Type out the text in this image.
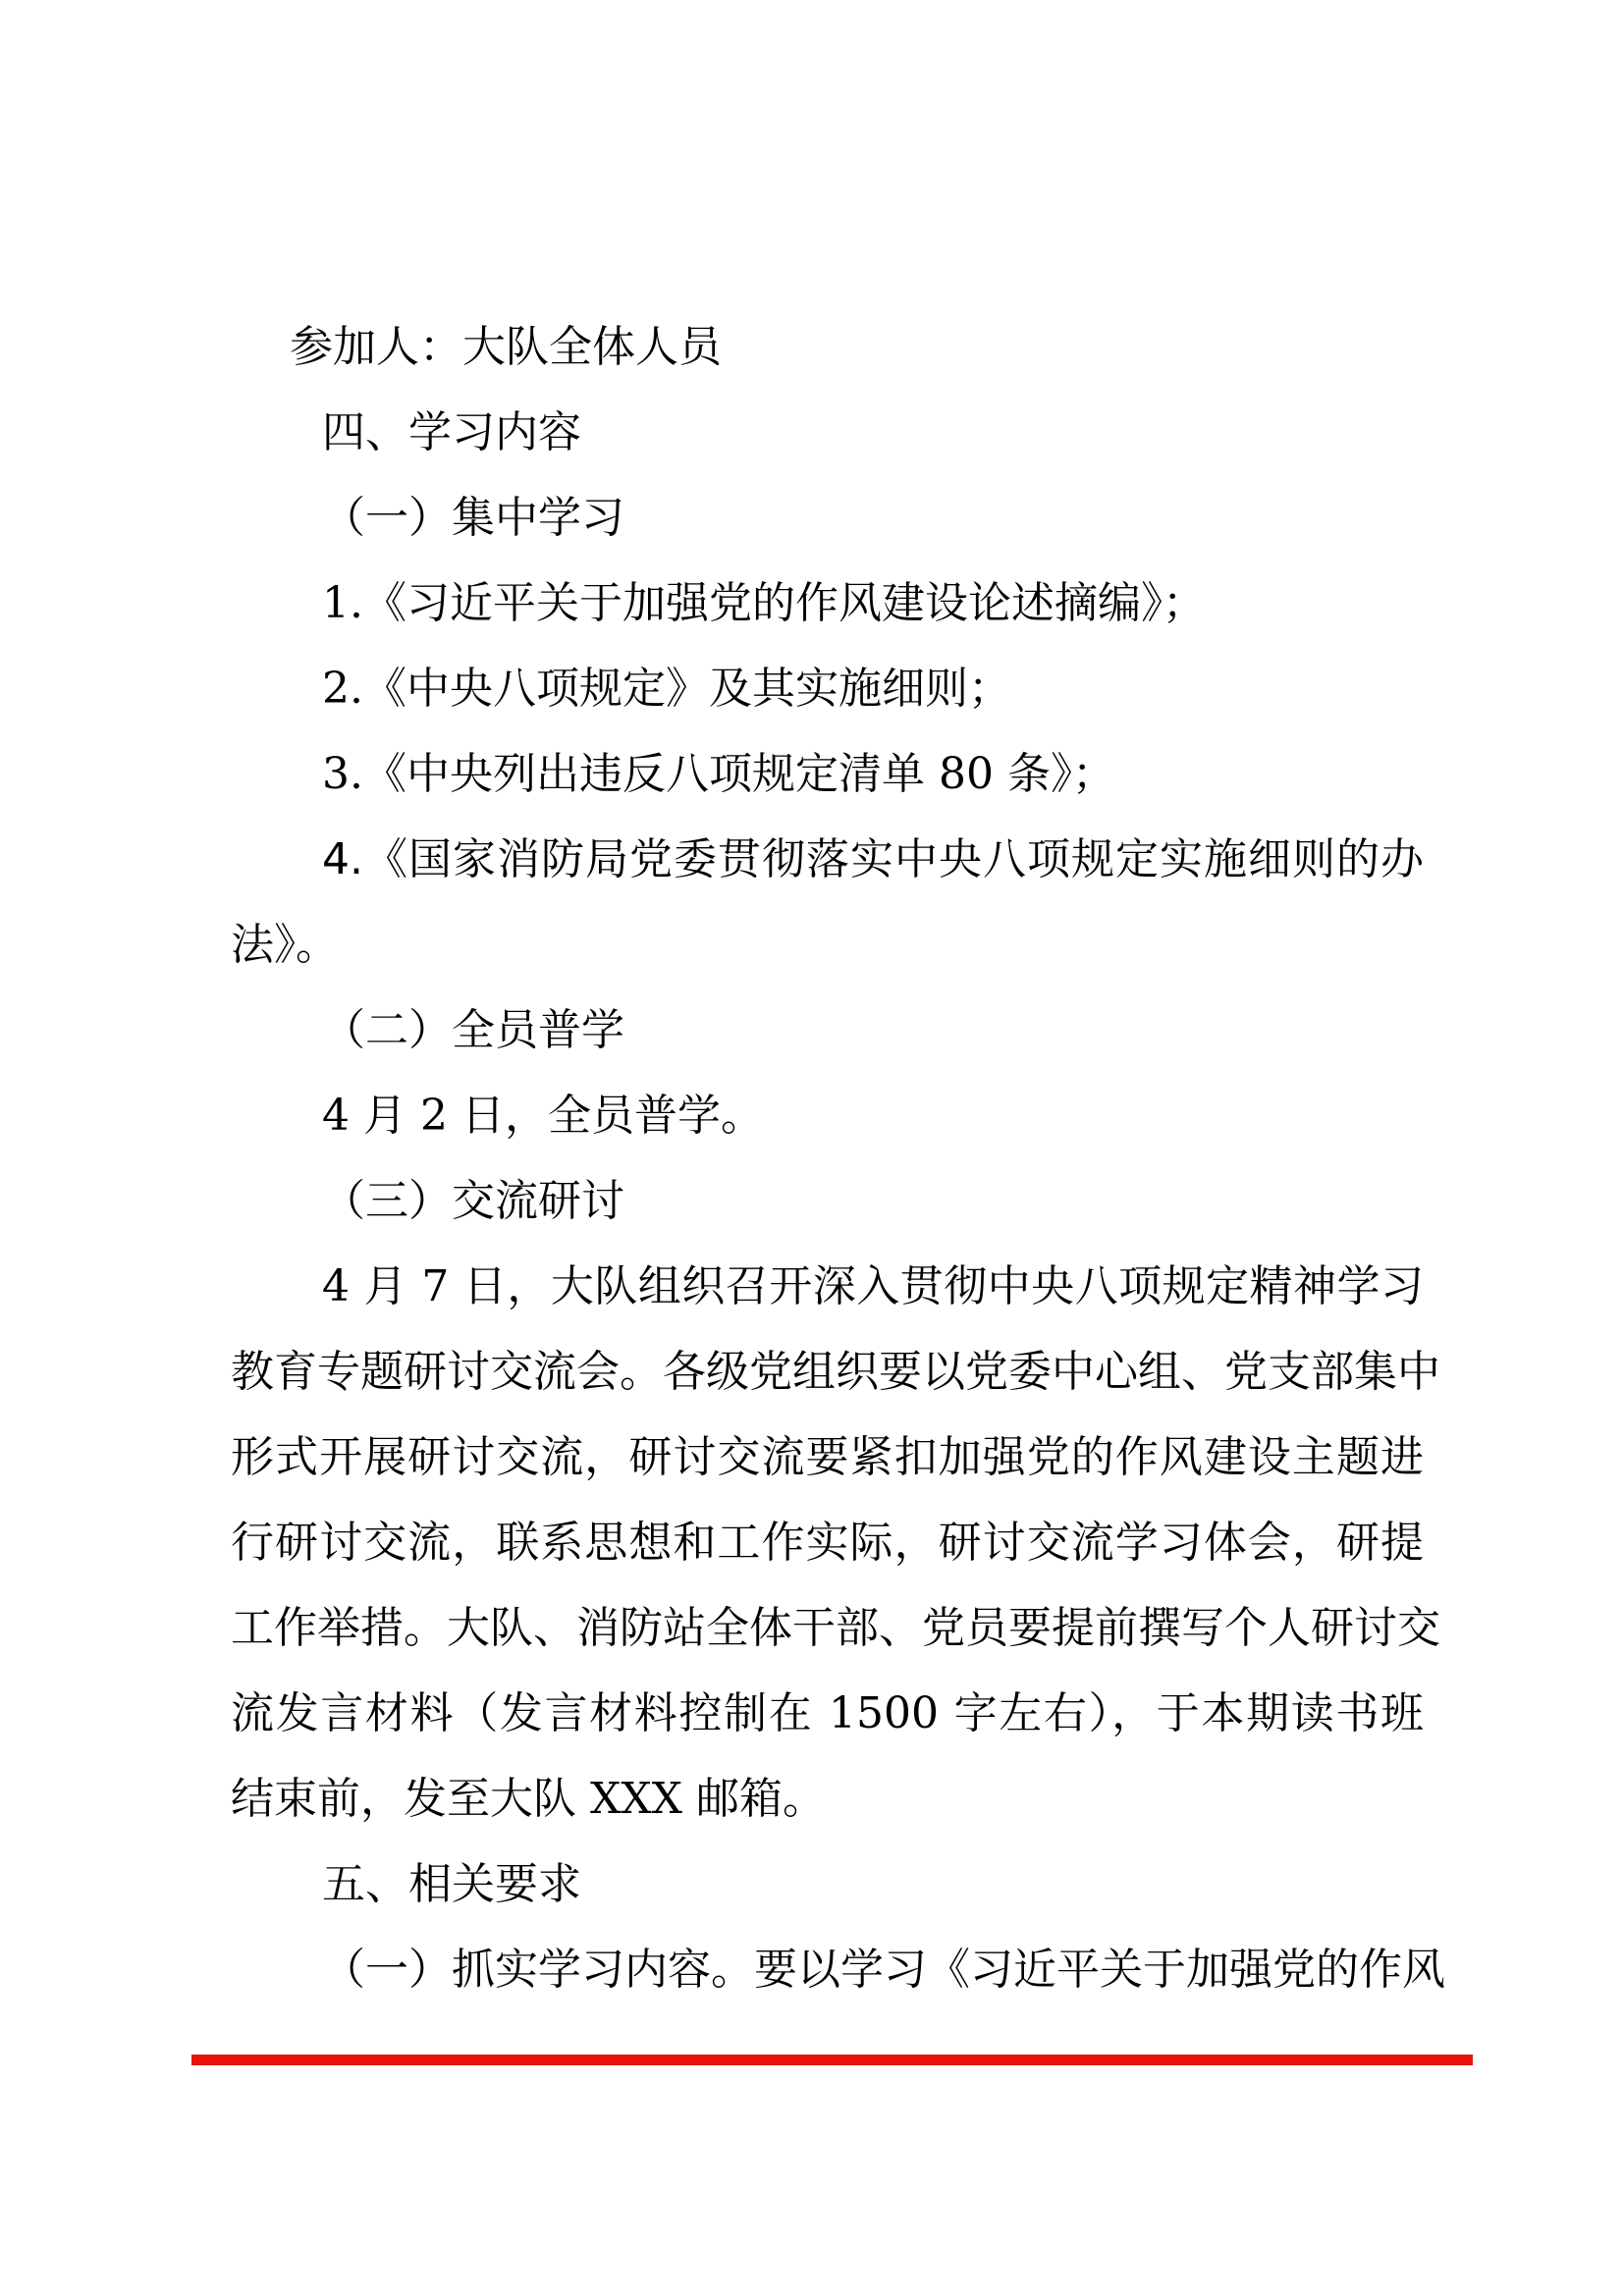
参加人：大队全体人员
四、学习内容
（一）集中学习
1.《习近平关于加强党的作风建设论述摘编》；
2.《中央八项规定》及其实施细则；
3.《中央列出违反八项规定清单 80 条》；
4.《国家消防局党委贯彻落实中央八项规定实施细则的办
法》。
（二）全员普学
4 月 2 日，全员普学。
（三）交流研讨
4 月 7 日，大队组织召开深入贯彻中央八项规定精神学习
教育专题研讨交流会。各级党组织要以党委中心组、党支部集中
形式开展研讨交流，研讨交流要紧扣加强党的作风建设主题进
行研讨交流，联系思想和工作实际，研讨交流学习体会，研提
工作举措。大队、消防站全体干部、党员要提前撰写个人研讨交
流发言材料（发言材料控制在 1500 字左右），于本期读书班
结束前，发至大队 XXX 邮箱。
五、相关要求
（一）抓实学习内容。要以学习《习近平关于加强党的作风
